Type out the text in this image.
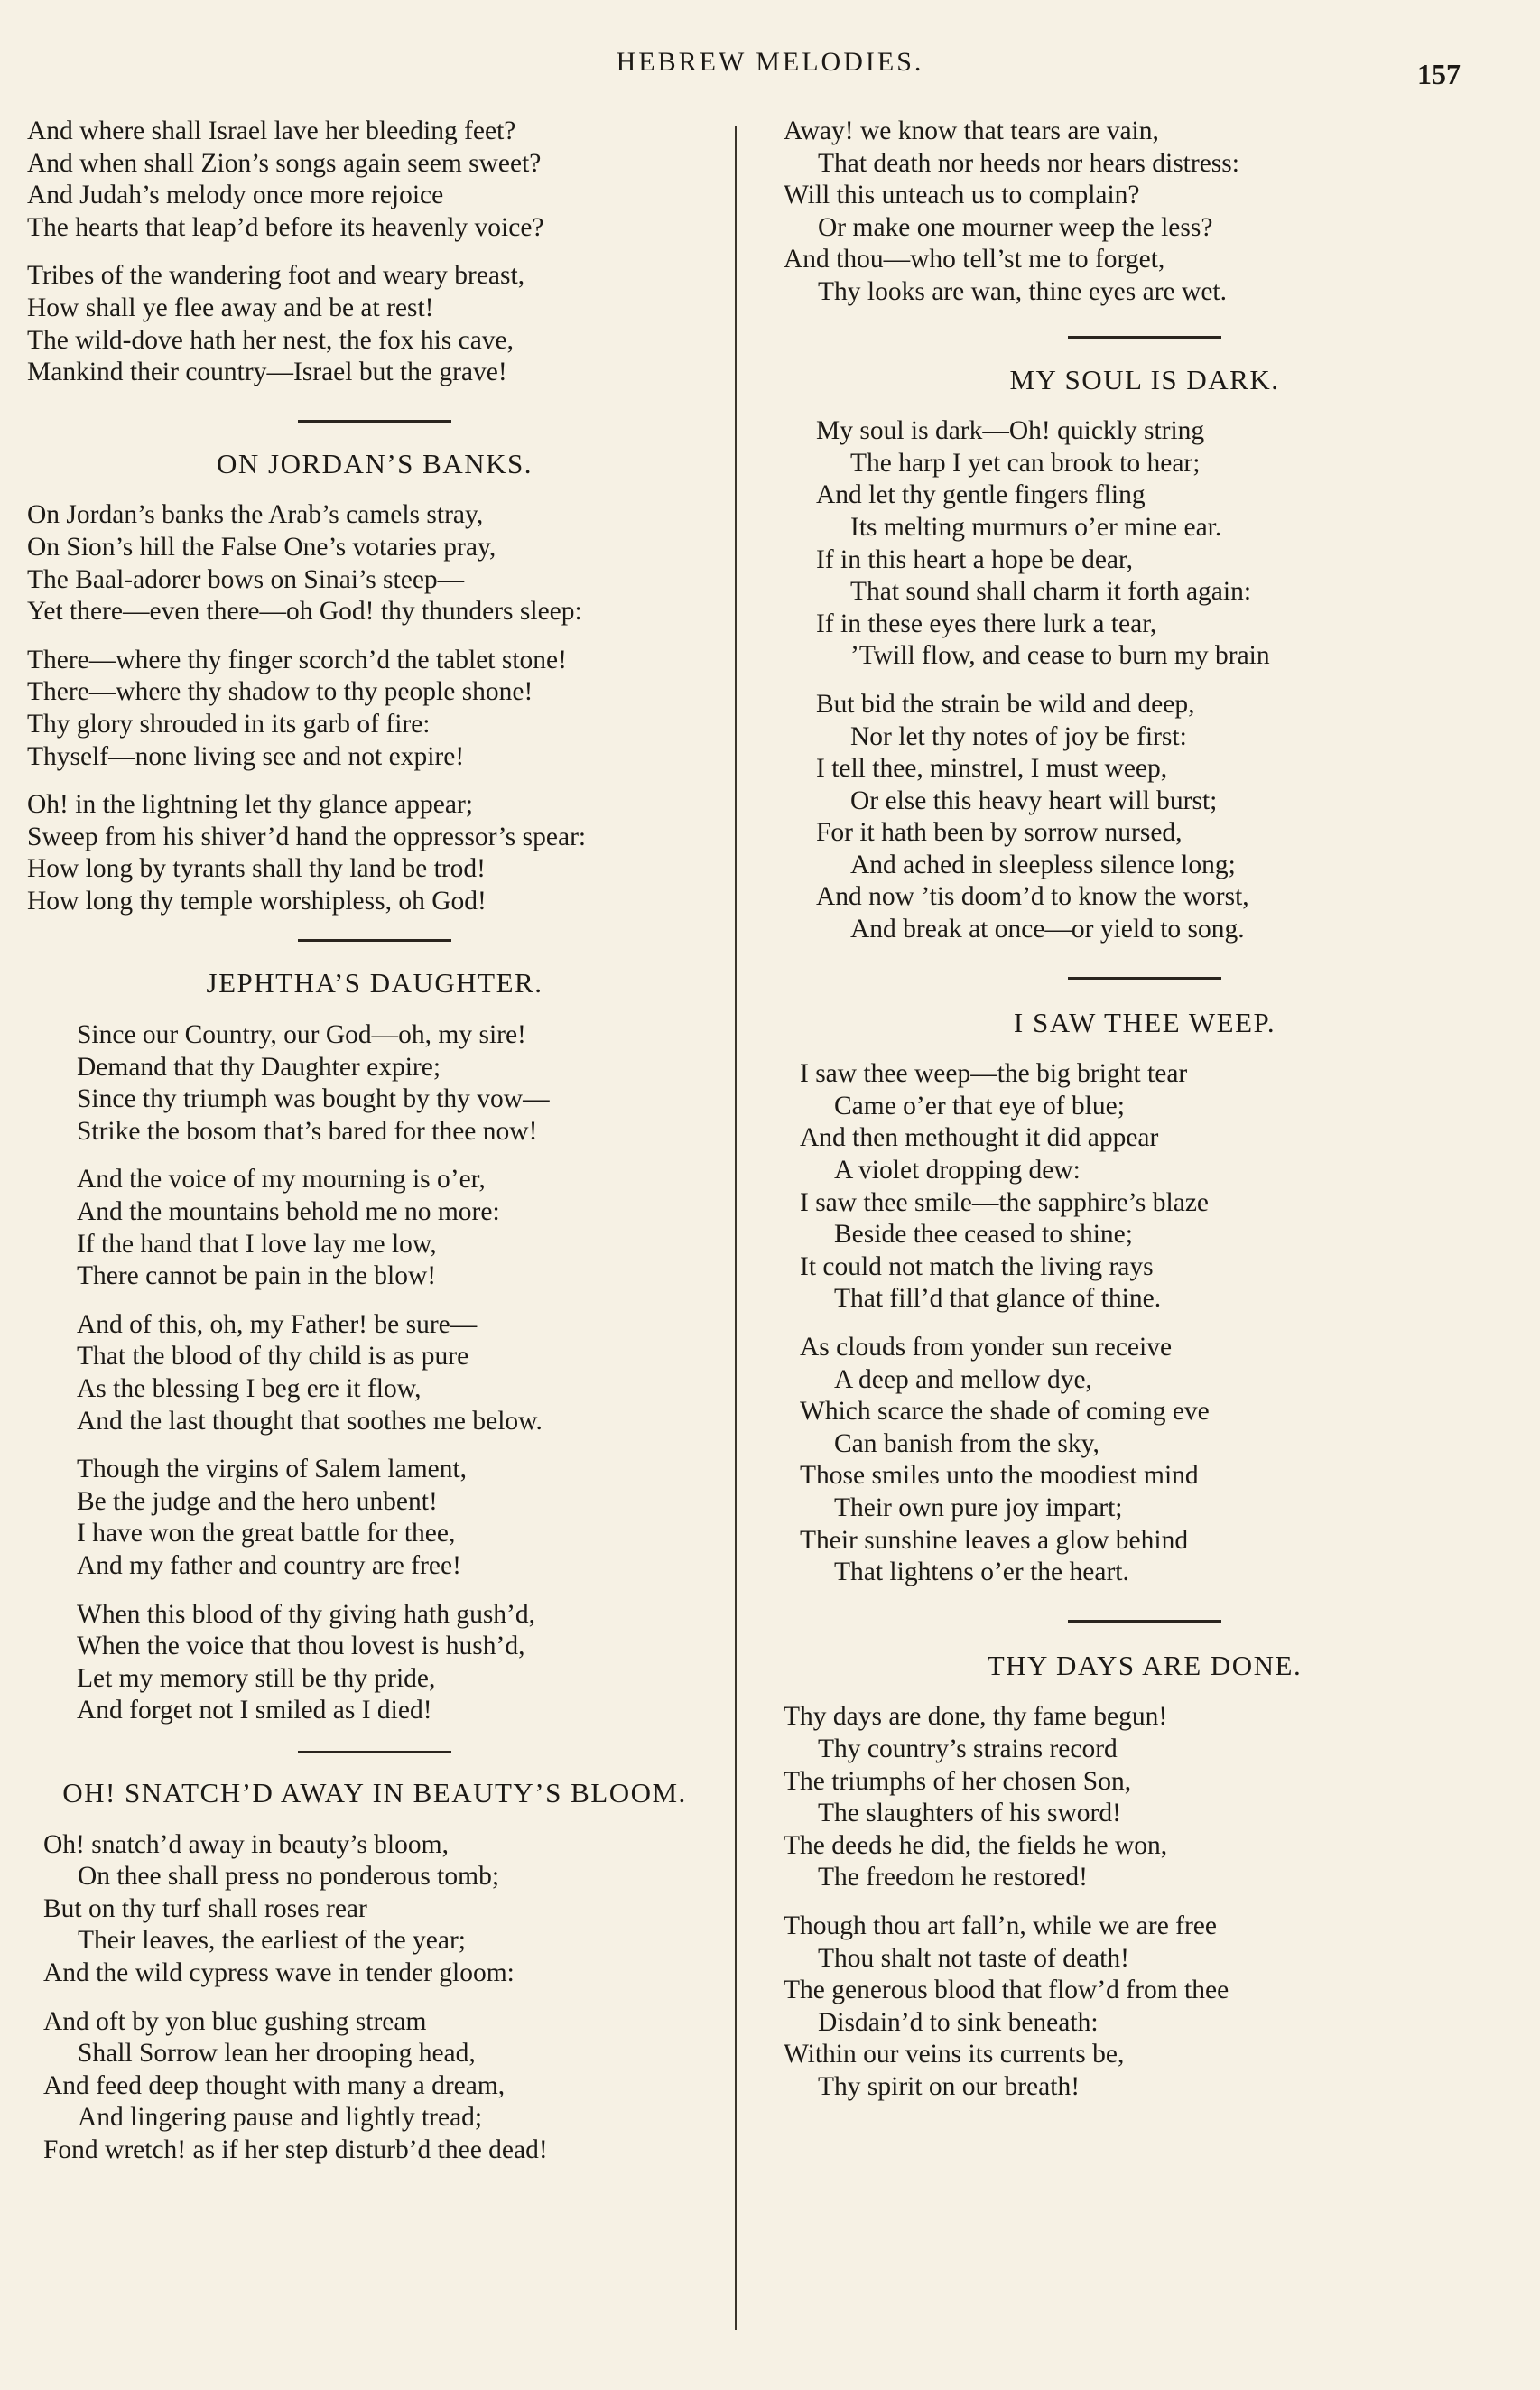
HEBREW MELODIES.	157
And where shall Israel lave her bleeding feet?
And when shall Zion’s songs again seem sweet?
And Judah’s melody once more rejoice
The hearts that leap’d before its heavenly voice?
Tribes of the wandering foot and weary breast,
How shall ye flee away and be at rest!
The wild-dove hath her nest, the fox his cave,
Mankind their country—Israel but the grave!
ON JORDAN’S BANKS.
On Jordan’s banks the Arab’s camels stray,
On Sion’s hill the False One’s votaries pray,
The Baal-adorer bows on Sinai’s steep—
Yet there—even there—oh God! thy thunders sleep:
There—where thy finger scorch’d the tablet stone!
There—where thy shadow to thy people shone!
Thy glory shrouded in its garb of fire:
Thyself—none living see and not expire!
Oh! in the lightning let thy glance appear;
Sweep from his shiver’d hand the oppressor’s spear:
How long by tyrants shall thy land be trod!
How long thy temple worshipless, oh God!
JEPHTHA’S DAUGHTER.
Since our Country, our God—oh, my sire!
Demand that thy Daughter expire;
Since thy triumph was bought by thy vow—
Strike the bosom that’s bared for thee now!
And the voice of my mourning is o’er,
And the mountains behold me no more:
If the hand that I love lay me low,
There cannot be pain in the blow!
And of this, oh, my Father! be sure—
That the blood of thy child is as pure
As the blessing I beg ere it flow,
And the last thought that soothes me below.
Though the virgins of Salem lament,
Be the judge and the hero unbent!
I have won the great battle for thee,
And my father and country are free!
When this blood of thy giving hath gush’d,
When the voice that thou lovest is hush’d,
Let my memory still be thy pride,
And forget not I smiled as I died!
OH! SNATCH’D AWAY IN BEAUTY’S BLOOM.
Oh! snatch’d away in beauty’s bloom,
On thee shall press no ponderous tomb;
But on thy turf shall roses rear
Their leaves, the earliest of the year;
And the wild cypress wave in tender gloom:
And oft by yon blue gushing stream
Shall Sorrow lean her drooping head,
And feed deep thought with many a dream,
And lingering pause and lightly tread;
Fond wretch! as if her step disturb’d thee dead!
Away! we know that tears are vain,
That death nor heeds nor hears distress:
Will this unteach us to complain?
Or make one mourner weep the less?
And thou—who tell’st me to forget,
Thy looks are wan, thine eyes are wet.
MY SOUL IS DARK.
My soul is dark—Oh! quickly string
The harp I yet can brook to hear;
And let thy gentle fingers fling
Its melting murmurs o’er mine ear.
If in this heart a hope be dear,
That sound shall charm it forth again:
If in these eyes there lurk a tear,
’Twill flow, and cease to burn my brain
But bid the strain be wild and deep,
Nor let thy notes of joy be first:
I tell thee, minstrel, I must weep,
Or else this heavy heart will burst;
For it hath been by sorrow nursed,
And ached in sleepless silence long;
And now ’tis doom’d to know the worst,
And break at once—or yield to song.
I SAW THEE WEEP.
I saw thee weep—the big bright tear
Came o’er that eye of blue;
And then methought it did appear
A violet dropping dew:
I saw thee smile—the sapphire’s blaze
Beside thee ceased to shine;
It could not match the living rays
That fill’d that glance of thine.
As clouds from yonder sun receive
A deep and mellow dye,
Which scarce the shade of coming eve
Can banish from the sky,
Those smiles unto the moodiest mind
Their own pure joy impart;
Their sunshine leaves a glow behind
That lightens o’er the heart.
THY DAYS ARE DONE.
Thy days are done, thy fame begun!
Thy country’s strains record
The triumphs of her chosen Son,
The slaughters of his sword!
The deeds he did, the fields he won,
The freedom he restored!
Though thou art fall’n, while we are free
Thou shalt not taste of death!
The generous blood that flow’d from thee
Disdain’d to sink beneath:
Within our veins its currents be,
Thy spirit on our breath!
